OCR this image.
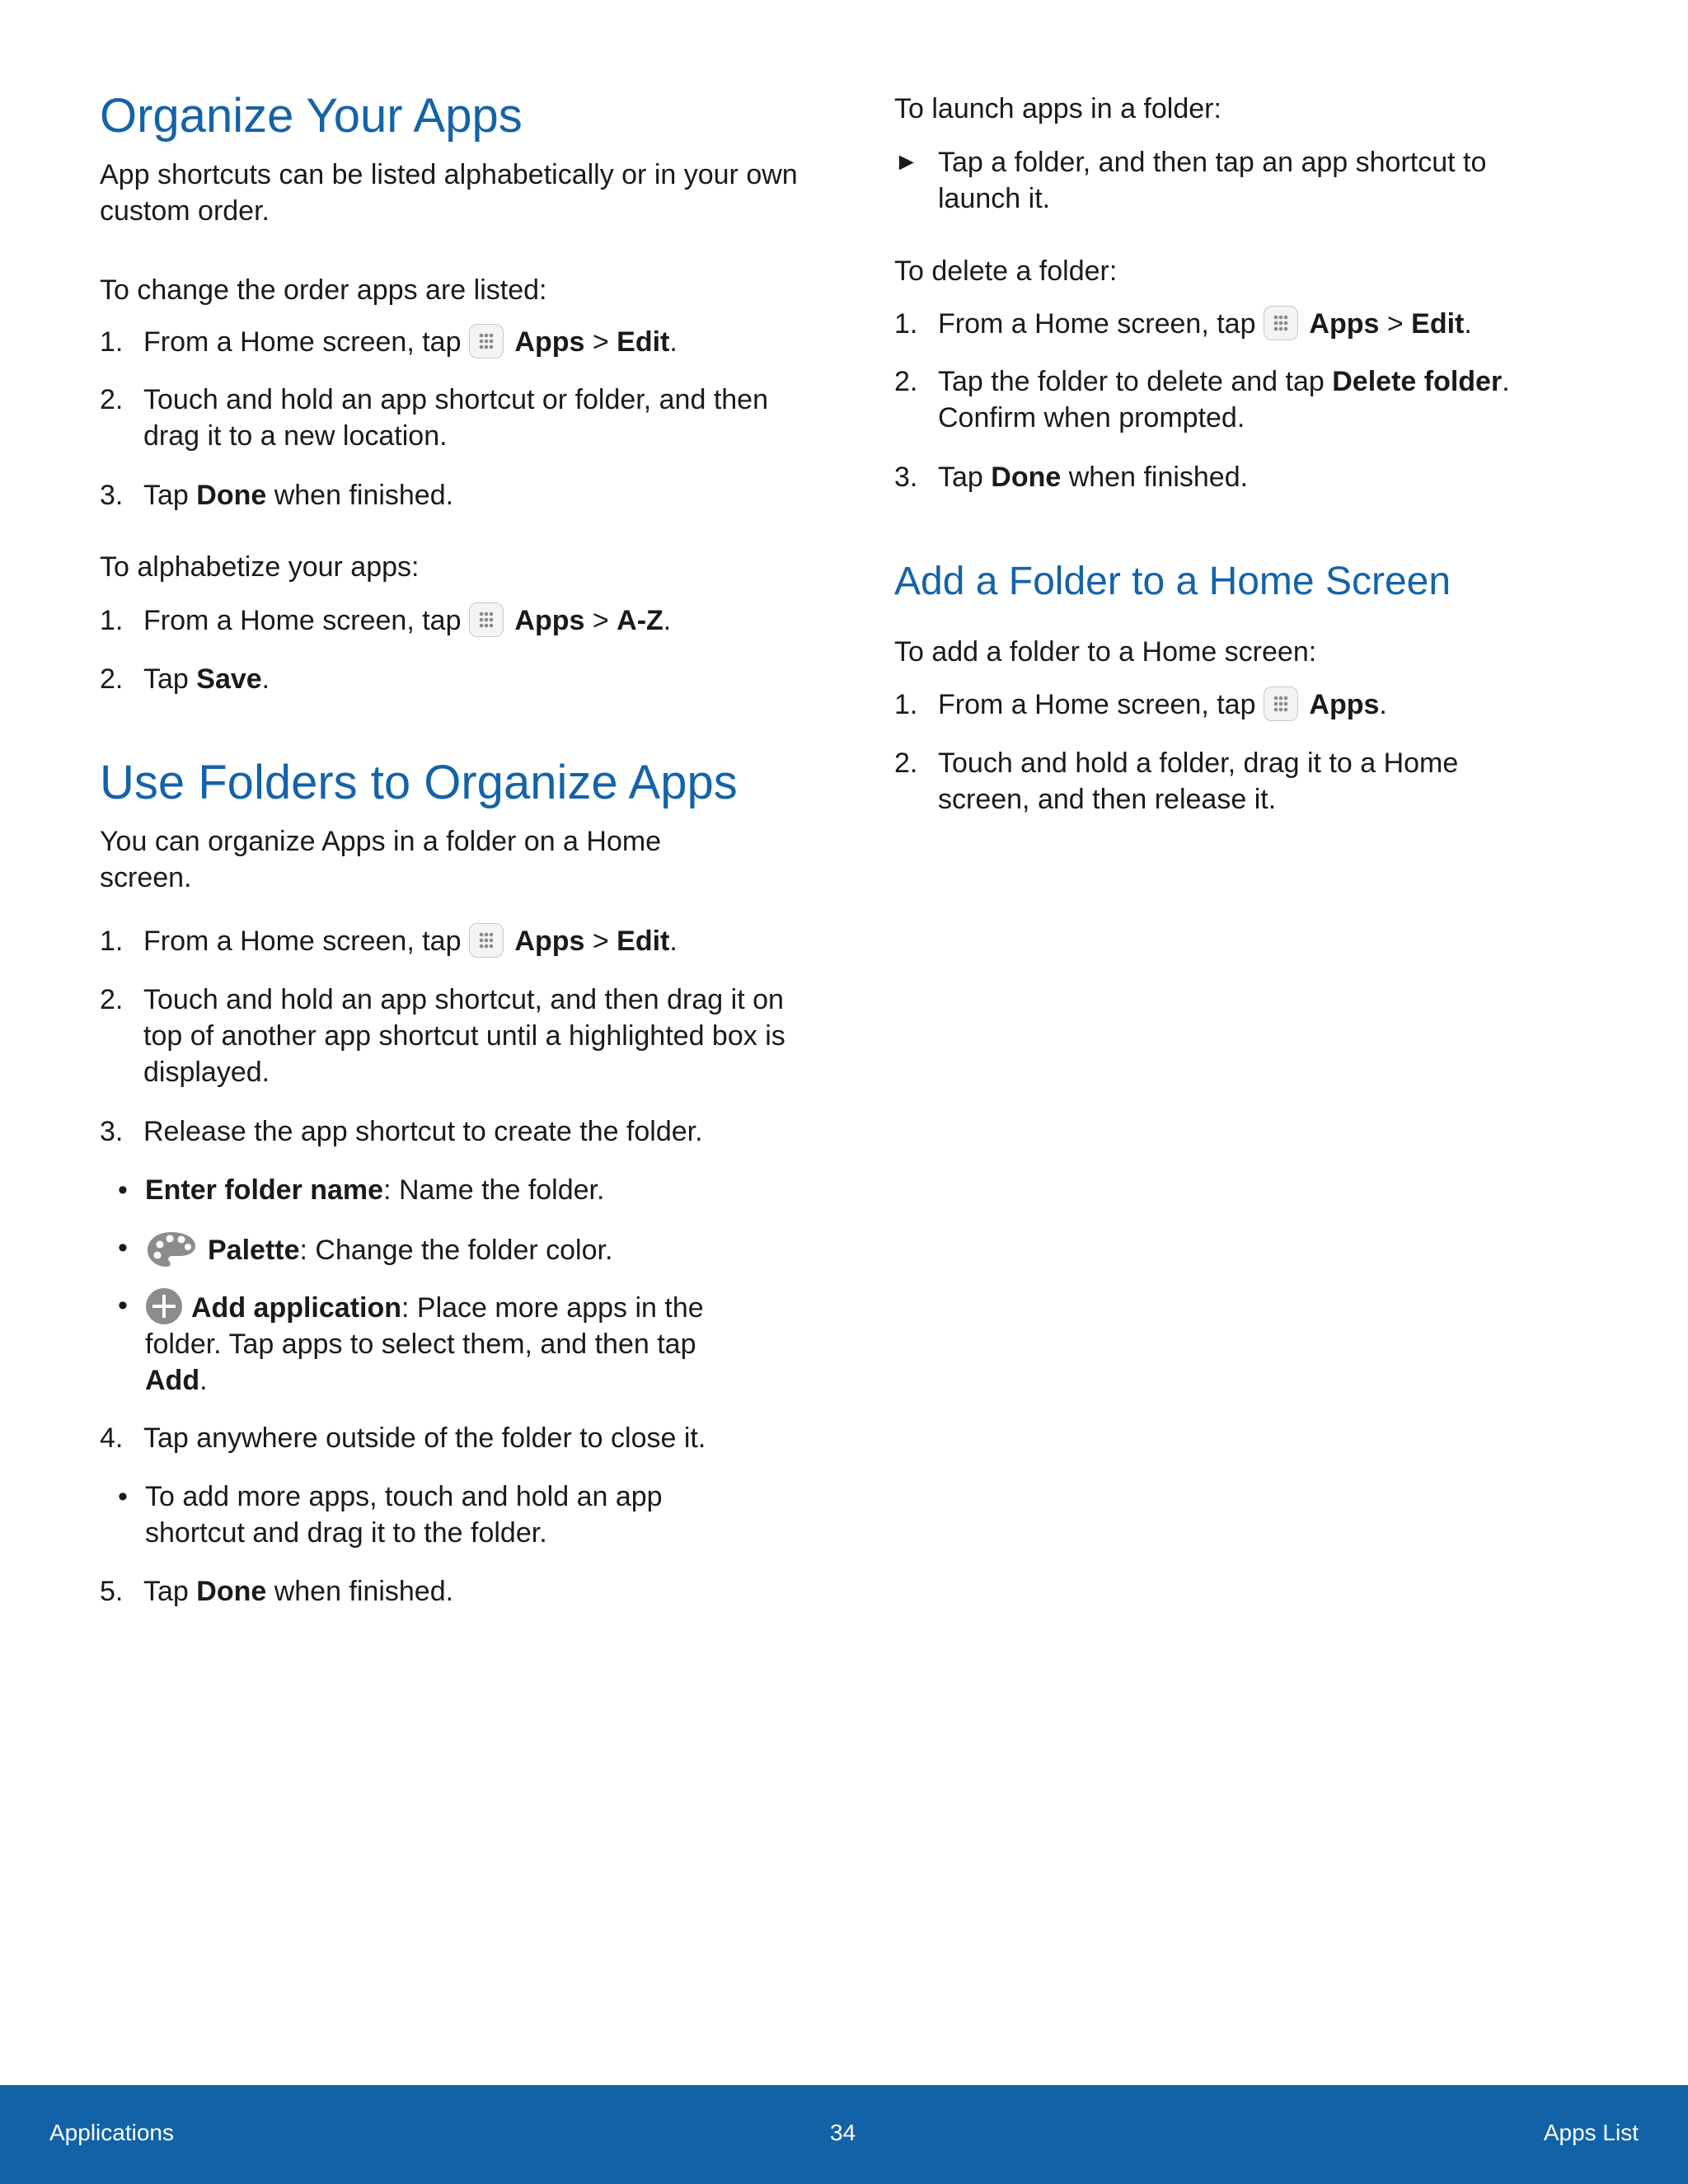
Organize Your Apps

App shortcuts can be listed alphabetically or in your own custom order.

To change the order apps are listed:

1. From a Home screen, tap Apps > Edit.
2. Touch and hold an app shortcut or folder, and then drag it to a new location.
3. Tap Done when finished.

To alphabetize your apps:

1. From a Home screen, tap Apps > A-Z.
2. Tap Save.
Use Folders to Organize Apps

You can organize Apps in a folder on a Home screen.

1. From a Home screen, tap Apps > Edit.
2. Touch and hold an app shortcut, and then drag it on top of another app shortcut until a highlighted box is displayed.
3. Release the app shortcut to create the folder.
• Enter folder name: Name the folder.
•	Palette: Change the folder color.
• Add application: Place more apps in the folder. Tap apps to select them, and then tap Add.
4. Tap anywhere outside of the folder to close it.
• To add more apps, touch and hold an app shortcut and drag it to the folder.
5. Tap Done when finished.

To launch apps in a folder:

► Tap a folder, and then tap an app shortcut to launch it.

To delete a folder:

1. From a Home screen, tap Apps > Edit.
2. Tap the folder to delete and tap Delete folder. Confirm when prompted.
3. Tap Done when finished.
Add a Folder to a Home Screen

To add a folder to a Home screen:

1. From a Home screen, tap Apps.
2. Touch and hold a folder, drag it to a Home screen, and then release it.
Applications	34	Apps List
